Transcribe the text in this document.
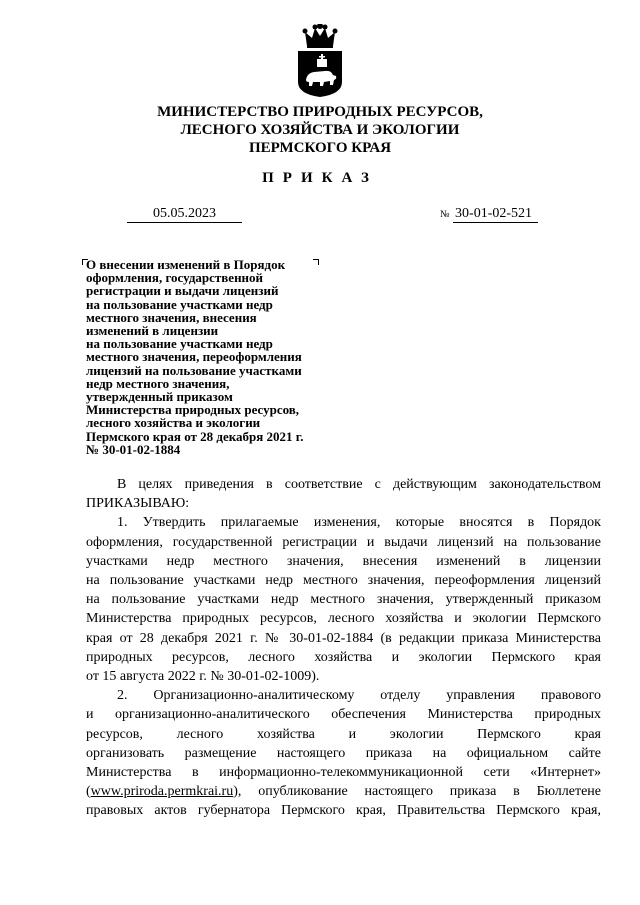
МИНИСТЕРСТВО ПРИРОДНЫХ РЕСУРСОВ,
ЛЕСНОГО ХОЗЯЙСТВА И ЭКОЛОГИИ
ПЕРМСКОГО КРАЯ
ПРИКАЗ
05.05.2023	№ 30-01-02-521
О внесении изменений в Порядок
оформления, государственной
регистрации и выдачи лицензий
на пользование участками недр
местного значения, внесения
изменений в лицензии
на пользование участками недр
местного значения, переоформления
лицензий на пользование участками
недр местного значения,
утвержденный приказом
Министерства природных ресурсов,
лесного хозяйства и экологии
Пермского края от 28 декабря 2021 г.
№ 30-01-02-1884
В целях приведения в соответствие с действующим законодательством
ПРИКАЗЫВАЮ:
1. Утвердить прилагаемые изменения, которые вносятся в Порядок
оформления, государственной регистрации и выдачи лицензий на пользование
участками недр местного значения, внесения изменений в лицензии
на пользование участками недр местного значения, переоформления лицензий
на пользование участками недр местного значения, утвержденный приказом
Министерства природных ресурсов, лесного хозяйства и экологии Пермского
края от 28 декабря 2021 г. № 30-01-02-1884 (в редакции приказа Министерства
природных ресурсов, лесного хозяйства и экологии Пермского края
от 15 августа 2022 г. № 30-01-02-1009).
2. Организационно-аналитическому отделу управления правового
и организационно-аналитического обеспечения Министерства природных
ресурсов, лесного хозяйства и экологии Пермского края
организовать размещение настоящего приказа на официальном сайте
Министерства в информационно-телекоммуникационной сети «Интернет»
(www.priroda.permkrai.ru), опубликование настоящего приказа в Бюллетене
правовых актов губернатора Пермского края, Правительства Пермского края,
